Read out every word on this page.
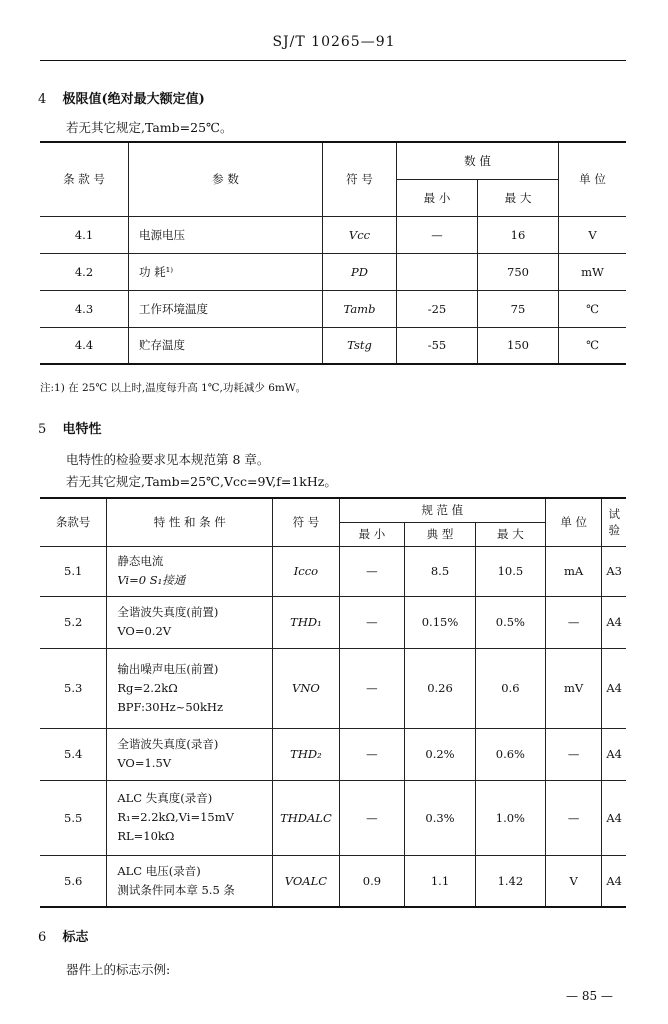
SJ/T 10265—91
4 极限值(绝对最大额定值)
若无其它规定,Tamb=25℃。
条 款 号	参 数	符 号	数 值		单 位
			最 小	最 大	
4.1	电源电压	Vcc	—	16	V
4.2	功 耗¹⁾	PD		750	mW
4.3	工作环境温度	Tamb	-25	75	℃
4.4	贮存温度	Tstg	-55	150	℃
注:1) 在 25℃ 以上时,温度每升高 1℃,功耗减少 6mW。
5 电特性
电特性的检验要求见本规范第 8 章。
若无其它规定,Tamb=25℃,Vcc=9V,f=1kHz。
条款号	特 性 和 条 件	符 号	规 范 值			单 位	试 验
			最 小	典 型	最 大		
5.1	静态电流
Vi=0 S₁接通	Icco	—	8.5	10.5	mA	A3
5.2	全谐波失真度(前置)
VO=0.2V	THD₁	—	0.15%	0.5%	—	A4
5.3	输出噪声电压(前置)
Rg=2.2kΩ
BPF:30Hz~50kHz	VNO	—	0.26	0.6	mV	A4
5.4	全谐波失真度(录音)
VO=1.5V	THD₂	—	0.2%	0.6%	—	A4
5.5	ALC 失真度(录音)
R₁=2.2kΩ,Vi=15mV
RL=10kΩ	THDALC	—	0.3%	1.0%	—	A4
5.6	ALC 电压(录音)
测试条件同本章 5.5 条	VOALC	0.9	1.1	1.42	V	A4
6 标志
器件上的标志示例:
— 85 —
